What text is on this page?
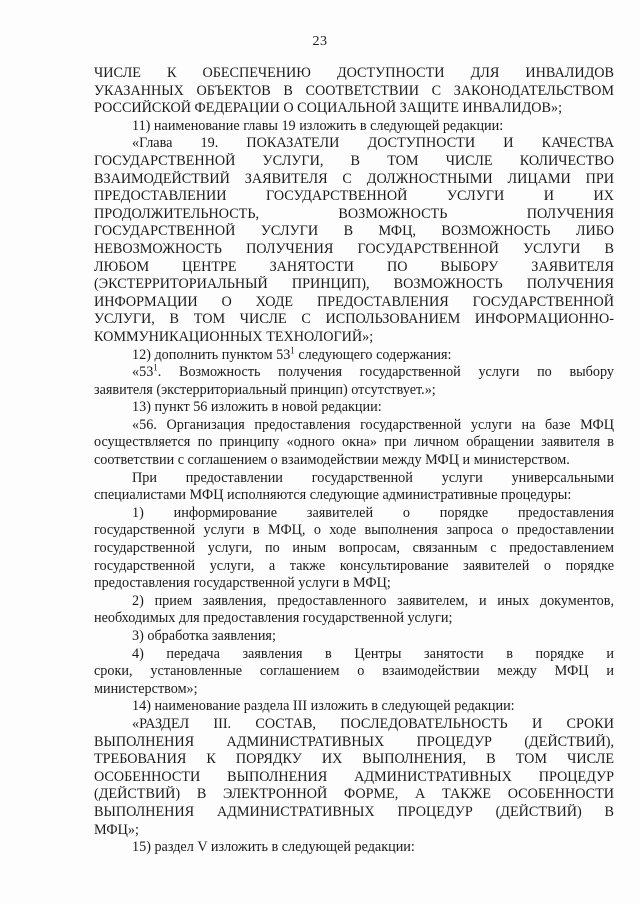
23
ЧИСЛЕ К ОБЕСПЕЧЕНИЮ ДОСТУПНОСТИ ДЛЯ ИНВАЛИДОВ
УКАЗАННЫХ ОБЪЕКТОВ В СООТВЕТСТВИИ С ЗАКОНОДАТЕЛЬСТВОМ
РОССИЙСКОЙ ФЕДЕРАЦИИ О СОЦИАЛЬНОЙ ЗАЩИТЕ ИНВАЛИДОВ»;
11) наименование главы 19 изложить в следующей редакции:
«Глава 19. ПОКАЗАТЕЛИ ДОСТУПНОСТИ И КАЧЕСТВА
ГОСУДАРСТВЕННОЙ УСЛУГИ, В ТОМ ЧИСЛЕ КОЛИЧЕСТВО
ВЗАИМОДЕЙСТВИЙ ЗАЯВИТЕЛЯ С ДОЛЖНОСТНЫМИ ЛИЦАМИ ПРИ
ПРЕДОСТАВЛЕНИИ ГОСУДАРСТВЕННОЙ УСЛУГИ И ИХ
ПРОДОЛЖИТЕЛЬНОСТЬ, ВОЗМОЖНОСТЬ ПОЛУЧЕНИЯ
ГОСУДАРСТВЕННОЙ УСЛУГИ В МФЦ, ВОЗМОЖНОСТЬ ЛИБО
НЕВОЗМОЖНОСТЬ ПОЛУЧЕНИЯ ГОСУДАРСТВЕННОЙ УСЛУГИ В
ЛЮБОМ ЦЕНТРЕ ЗАНЯТОСТИ ПО ВЫБОРУ ЗАЯВИТЕЛЯ
(ЭКСТЕРРИТОРИАЛЬНЫЙ ПРИНЦИП), ВОЗМОЖНОСТЬ ПОЛУЧЕНИЯ
ИНФОРМАЦИИ О ХОДЕ ПРЕДОСТАВЛЕНИЯ ГОСУДАРСТВЕННОЙ
УСЛУГИ, В ТОМ ЧИСЛЕ С ИСПОЛЬЗОВАНИЕМ ИНФОРМАЦИОННО-
КОММУНИКАЦИОННЫХ ТЕХНОЛОГИЙ»;
12) дополнить пунктом $53^1$ следующего содержания:
«$53^1$. Возможность получения государственной услуги по выбору
заявителя (экстерриториальный принцип) отсутствует.»;
13) пункт 56 изложить в новой редакции:
«56. Организация предоставления государственной услуги на базе МФЦ
осуществляется по принципу «одного окна» при личном обращении заявителя в
соответствии с соглашением о взаимодействии между МФЦ и министерством.
При предоставлении государственной услуги универсальными
специалистами МФЦ исполняются следующие административные процедуры:
1) информирование заявителей о порядке предоставления
государственной услуги в МФЦ, о ходе выполнения запроса о предоставлении
государственной услуги, по иным вопросам, связанным с предоставлением
государственной услуги, а также консультирование заявителей о порядке
предоставления государственной услуги в МФЦ;
2) прием заявления, предоставленного заявителем, и иных документов,
необходимых для предоставления государственной услуги;
3) обработка заявления;
4) передача заявления в Центры занятости в порядке и
сроки, установленные соглашением о взаимодействии между МФЦ и
министерством»;
14) наименование раздела III изложить в следующей редакции:
«РАЗДЕЛ III. СОСТАВ, ПОСЛЕДОВАТЕЛЬНОСТЬ И СРОКИ
ВЫПОЛНЕНИЯ АДМИНИСТРАТИВНЫХ ПРОЦЕДУР (ДЕЙСТВИЙ),
ТРЕБОВАНИЯ К ПОРЯДКУ ИХ ВЫПОЛНЕНИЯ, В ТОМ ЧИСЛЕ
ОСОБЕННОСТИ ВЫПОЛНЕНИЯ АДМИНИСТРАТИВНЫХ ПРОЦЕДУР
(ДЕЙСТВИЙ) В ЭЛЕКТРОННОЙ ФОРМЕ, А ТАКЖЕ ОСОБЕННОСТИ
ВЫПОЛНЕНИЯ АДМИНИСТРАТИВНЫХ ПРОЦЕДУР (ДЕЙСТВИЙ) В
МФЦ»;
15) раздел V изложить в следующей редакции:
